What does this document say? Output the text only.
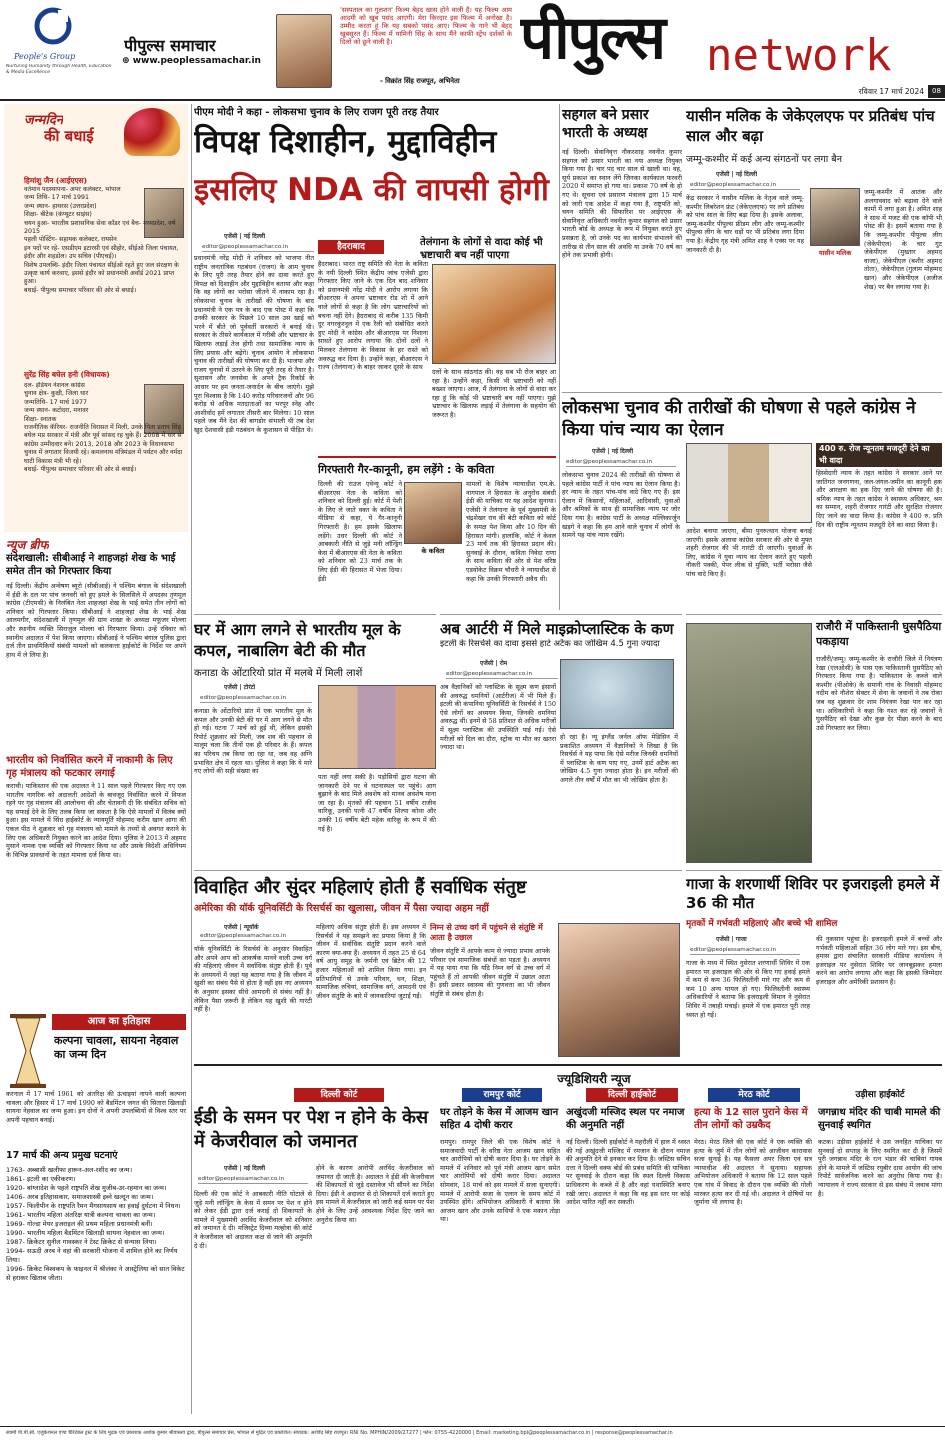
People's Group
Nurturing Humanity through Health, Education & Media Excellence
पीपुल्स समाचार
⊕ www.peoplessamachar.in
'सस्पताल का गुलशन' फिल्म बेहद खास होने वाली है। यह फिल्म आम आदमी को खूब पसंद आएगी। मेरा किरदार इस फिल्म में अनोखा है। उम्मीद करता हूं कि यह सबको पसंद आए। फिल्म के गाने भी बेहद खूबसूरत हैं। फिल्म में यामिनी सिंह के साथ मैंने काफी स्ट्रेंथ दर्शकों के दिलों को छूने वाली है।
- विक्रांत सिंह राजपूत, अभिनेता
पीपुल्स network
रविवार 17 मार्च 2024	08
जन्मदिन
की बधाई
हिमांशु जैन (आईएएस)
वर्तमान पदस्थापना- अपर कलेक्टर, भोपाल
जन्म तिथि- 17 मार्च 1991
जन्म स्थान- हाथरस (उत्तरप्रदेश)
शिक्षा- बीटेक (कंप्यूटर साइंस)
चयन हुआ- भारतीय प्रशासनिक सेवा कॉडर एवं बैच- मध्यप्रदेश, वर्ष 2015
पहली पोस्टिंग- सहायक कलेक्टर, रायसेन
इन पदों पर रहे- एसडीएम इटारसी एवं सीहोर, सीईओ जिला पंचायत, इंदौर और शहडोल। उप सचिव (पीएचई)।
विशेष उपलब्धि- इंदौर जिला पंचायत सीईओ रहते हुए जल संरक्षण के उत्कृष्ट कार्य करवाए, इससे इंदौर को प्रधानमंत्री अवॉर्ड 2021 प्राप्त हुआ।
बधाई- पीपुल्स समाचार परिवार की ओर से बधाई।
सुरेंद्र सिंह बघेल हनी (विधायक)
दल- इंडियन नेशनल कांग्रेस
चुनाव क्षेत्र- कुक्षी, जिला धार
जन्मतिथि- 17 मार्च 1977
जन्म स्थान- कटोदरा, मनावर
शिक्षा- स्नातक
राजनीतिक कॅरियर- राजनीति विरासत में मिली, उनके पिता प्रताप सिंह बघेल मप्र सरकार में मंत्री और पूर्व सांसद रह चुके हैं। 2008 में धार से कांग्रेस उम्मीदवार बने। 2013, 2018 और 2023 के विधानसभा चुनाव में लगातार विजयी रहे। कमलनाथ मंत्रिमंडल में पर्यटन और नर्मदा घाटी विकास मंत्री भी रहे।
बधाई- पीपुल्स समाचार परिवार की ओर से बधाई।
न्यूज ब्रीफ
संदेशखाली: सीबीआई ने शाहजहां शेख के भाई समेत तीन को गिरफ्तार किया
नई दिल्ली। केंद्रीय अन्वेषण ब्यूरो (सीबीआई) ने पश्चिम बंगाल के संदेशखाली में ईडी के दल पर पांच जनवरी को हुए हमले के सिलसिले में अपदस्थ तृणमूल कांग्रेस (टीएमसी) के निलंबित नेता शाहजहां शेख के भाई समेत तीन लोगों को शनिवार को गिरफ्तार किया। सीबीआई ने शाहजहां शेख के भाई शेख आलमगीर, संदेशखाली में तृणमूल की ग्राम शाखा के अध्यक्ष मफूजर मोल्ला और स्थानीय व्यक्ति सिराजुल मोल्ला को गिरफ्तार किया। उन्हें रविवार को स्थानीय अदालत में पेश किया जाएगा। सीबीआई ने पश्चिम बंगाल पुलिस द्वारा दर्ज तीन प्राथमिकियों संबंधी मामलों को कलकत्ता हाईकोर्ट के निर्देश पर अपने हाथ में ले लिया है।
भारतीय को निर्वासित करने में नाकामी के लिए गृह मंत्रालय को फटकार लगाई
कराची। पाकिस्तान की एक अदालत ने 11 साल पहले गिरफ्तार किए गए एक भारतीय नागरिक को अदालती आदेशों के बावजूद निर्वासित करने में विफल रहने पर गृह मंत्रालय की आलोचना की और चेतावनी दी कि संबंधित सचिव को यह सफाई देने के लिए तलब किया जा सकता है कि ऐसे मामलों में विलंब क्यों हुआ। इस मामले में सिंध हाईकोर्ट के न्यायमूर्ति मोहम्मद करीम खान आगा की एकल पीठ ने शुक्रवार को गृह मंत्रालय को मामले के तथ्यों से अवगत कराने के लिए एक अधिकारी नियुक्त करने का आदेश दिया। पुलिस ने 2013 में अहमद मुसाने नामक एक व्यक्ति को गिरफ्तार किया था और उसके विदेशी अधिनियम के विभिन्न प्रावधानों के तहत मामला दर्ज किया था।
आज का इतिहास
कल्पना चावला, सायना नेहवाल का जन्म दिन
करनाल में 17 मार्च 1961 को अंतरिक्ष की ऊंचाइयां नापने वाली कल्पना चावला और हिसार में 17 मार्च 1990 को बैडमिंटन जगत की सितारा खिलाड़ी सायना नेहवाल का जन्म हुआ। इन दोनों ने अपनी उपलब्धियों से विश्व स्तर पर अपनी पहचान बनाई।
17 मार्च की अन्य प्रमुख घटनाएं
1763- अब्बासी खलीफा हारून-अल-रशीद का जन्म।
1861- इटली का एकीकरण।
1920- बांग्लादेश के पहले राष्ट्रपति शेख मुजीब-उर-रहमान का जन्म।
1406- अरब इतिहासकार, समाजशास्त्री इब्ने खल्दून का जन्म।
1957- फिलीपीन के राष्ट्रपति रैमन मैगसायसाय का हवाई दुर्घटना में निधन।
1961- भारतीय महिला अंतरिक्ष यात्री कल्पना चावला का जन्म।
1969- गोल्डा मेयर इजराइल की प्रथम महिला प्रधानमंत्री बनीं।
1990- भारतीय महिला बैडमिंटन खिलाड़ी सायना नेहवाल का जन्म।
1987- क्रिकेटर सुनील गावस्कर ने टेस्ट क्रिकेट से संन्यास लिया।
1994- सऊदी अरब ने वहां की सरकारी योजना में शामिल होने का निर्णय लिया।
1996- क्रिकेट विश्वकप के फाइनल में श्रीलंका ने आस्ट्रेलिया को सात विकेट से हराकर खिताब जीता।
पीएम मोदी ने कहा - लोकसभा चुनाव के लिए राजग पूरी तरह तैयार
विपक्ष दिशाहीन, मुद्दाविहीन
इसलिए NDA की वापसी होगी
एजेंसी | नई दिल्ली
editor@peoplessamachar.co.in
प्रधानमंत्री नरेंद्र मोदी ने शनिवार को भाजपा नीत राष्ट्रीय जनतांत्रिक गठबंधन (राजग) के आम चुनाव के लिए पूरी तरह तैयार होने का दावा करते हुए विपक्ष को दिशाहीन और मुद्दाविहीन बताया और कहा कि वह लोगों का भरोसा जीतने में नाकाम रहा है। लोकसभा चुनाव के तारीखों की घोषणा के बाद प्रधानमंत्री ने एक पत्र के बाद एक पोस्ट में कहा कि उनकी सरकार के पिछले 10 साल उस खाई को भरने में बीते जो पूर्ववर्ती सरकारों ने बनाई थी। सरकार के तीसरे कार्यकाल में गरीबी और भ्रष्टाचार के खिलाफ लड़ाई तेज होगी तथा सामाजिक न्याय के लिए प्रयास और बढ़ेंगे। चुनाव आयोग ने लोकसभा चुनाव की तारीखों की घोषणा कर दी है। भाजपा और राजग चुनावों में उतरने के लिए पूरी तरह से तैयार है। सुशासन और जनसेवा के अपने ट्रैक रिकॉर्ड के आधार पर हम जनता-जनार्दन के बीच जाएंगे। मुझे पूरा विश्वास है कि 140 करोड़ परिवारजनों और 96 करोड़ से अधिक मतदाताओं का भरपूर स्नेह और आशीर्वाद हमें लगातार तीसरी बार मिलेगा। 10 साल पहले जब मैंने देश की बागडोर संभाली थी तब देश खुद देशवासी इंडी गठबंधन के कुशासन से पीड़ित थे।
हैदराबाद	तेलंगाना के लोगों से वादा कोई भी भ्रष्टाचारी बच नहीं पाएगा
हैदराबाद। भारत राष्ट्र समिति की नेता के कविता के नयी दिल्ली स्थित केंद्रीय जांच एजेंसी द्वारा गिरफ्तार किए जाने के एक दिन बाद शनिवार को प्रधानमंत्री नरेंद्र मोदी ने आरोप लगाया कि बीआरएस ने अपना भ्रष्टाचार रोड शो में आने वाले लोगों से कहा है कि लोग भ्रष्टाचारियों को बचना नहीं देंगे। हैदराबाद से करीब 135 किमी दूर नगरकुरनूल में एक रैली को संबोधित करते हुए मोदी ने कांग्रेस और बीआरएस पर निशाना साधते हुए आरोप लगाया कि दोनों दलों ने मिलकर तेलंगाना के विकास के हर रास्ते को अवरुद्ध कर दिया है। उन्होंने कहा, बीआरएस ने राज्य (तेलंगाना) के बाहर जाकर दूसरे के साथ
दलों के साथ सांठगांठ की। वह सब भी रोज बाहर आ रहा है। उन्होंने कहा, किसी भी भ्रष्टाचारी को नहीं बख्शा जाएगा। आज, मैं तेलंगाना के लोगों से वादा कर रहा हूं कि कोई भी भ्रष्टाचारी बच नहीं पाएगा। मुझे भ्रष्टाचार के खिलाफ लड़ाई में तेलंगाना के सहयोग की जरूरत है।
गिरफ्तारी गैर-कानूनी, हम लड़ेंगे : के कविता
दिल्ली की राउज एवेन्यू कोर्ट ने बीआरएस नेता के कविता को शनिवार को दिल्ली हुई। कोर्ट में पेशी के लिए ले जाते वक्त के कविता ने मीडिया से कहा, ये गैर-कानूनी गिरफ्तारी है। हम इसके खिलाफ लड़ेंगे। उधर दिल्ली की कोर्ट ने आबकारी नीति से जुड़े मनी लॉन्ड्रिंग केस में बीआरएस की नेता के कविता को शनिवार को 23 मार्च तक के लिए ईडी की हिरासत में भेजा दिया। ईडी
के कविता
मामलों के विशेष न्यायाधीश एम.के. नागपाल ने हिरासत के अनुरोध संबंधी ईडी की याचिका पर यह आदेश सुनाया। एजेंसी ने तेलंगाना के पूर्व मुख्यमंत्री के चंद्रशेखर राव की बेटी कविता को कोर्ट के समक्ष पेश किया और 10 दिन की हिरासत मांगी। हालांकि, कोर्ट ने केवल 23 मार्च तक की हिरासत प्रदान की। सुनवाई के दौरान, कविता निवेदा राणा के साथ कविता की ओर से पेश वरिष्ठ एडवोकेट विक्रम चौधरी ने न्यायाधीश से कहा कि उनकी गिरफ्तारी अवैध थी।
घर में आग लगने से भारतीय मूल के कपल, नाबालिग बेटी की मौत
कनाडा के ओंटारियो प्रांत में मलबे में मिली लाशें
एजेंसी | टोरंटो
editor@peoplessamachar.co.in
कनाडा के ओंटारियो प्रांत में एक भारतीय मूल के कपल और उनकी बेटी की घर में आग लगने से मौत हो गई। घटना 7 मार्च को हुई थी, लेकिन इसकी रिपोर्ट शुक्रवार को मिली, जब शव की पहचान से मालूम चला कि तीनों एक ही परिवार के हैं। कपल का परिचय तब किया जा रहा था, जब वह अग्नि प्रभावित क्षेत्र में रहता था। पुलिस ने कहा कि ये मारे गए लोगों की सही संख्या का
पता नहीं लगा सकी है। पड़ोसियों द्वारा घटना की जानकारी देने पर वे घटनास्थल पर पहुंचे। आग बुझाने के बाद मिले अवशेष को मानव अवशेष माना जा रहा है। मृतकों की पहचान 51 वर्षीय राजीव वारिकू, उनकी पत्नी 47 वर्षीय शिल्पा कोथा और उनकी 16 वर्षीय बेटी महेक वारिकू के रूप में की गई है।
अब आर्टरी में मिले माइक्रोप्लास्टिक के कण
इटली के रिसर्चर्स का दावा इससे हार्ट अटैक का जोखिम 4.5 गुना ज्यादा
एजेंसी | रोम
editor@peoplessamachar.co.in
अब वैज्ञानिकों को प्लास्टिक के सूक्ष्म कण इंसानों की अवरुद्ध धमनियों (आर्टरीज) में भी मिले हैं। इटली की कंपानिया यूनिवर्सिटी के रिसर्चर्स ने 150 ऐसे लोगों का अध्ययन किया, जिनकी धमनियां अवरुद्ध थीं। इनमें से 58 प्रतिशत से अधिक मरीजों में सूक्ष्म प्लास्टिक की उपस्थिति पाई गई। ऐसे मरीजों को दिल का दौरा, स्ट्रोक या मौत का खतरा ज्यादा था।
हो रहा है। न्यू इंग्लैंड जर्नल ऑफ मेडिसिन में प्रकाशित अध्ययन में वैज्ञानिकों ने लिखा है कि रिसर्चर्स ने यह पाया कि ऐसे मरीज जिनकी धमनियों में प्लास्टिक के कण पाए गए, उनमें हार्ट अटैक का जोखिम 4.5 गुना ज्यादा होता है। इन मरीजों की अगले तीन वर्षों में मौत का भी जोखिम होता है।
विवाहित और सुंदर महिलाएं होती हैं सर्वाधिक संतुष्ट
अमेरिका की यॉर्क यूनिवर्सिटी के रिसर्चर्स का खुलासा, जीवन में पैसा ज्यादा अहम नहीं
एजेंसी | न्यूयॉर्क
editor@peoplessamachar.co.in
यॉर्क यूनिवर्सिटी के रिसर्चर्स के अनुसार विवाहित और अपने आप को आकर्षक मानने वाली उच्च वर्ग की महिलाएं जीवन में सर्वाधिक संतुष्ट होती हैं। पूर्व के अध्ययनों में जहां यह बताया गया है कि जीवन में खुशी का संबंध पैसे से होता है वहीं इस नए अध्ययन के अनुसार इसका सीधे आमदनी से संबंध नहीं है। लेकिन पैसा जरूरी है लेकिन यह खुशी की गारंटी नहीं है।
महिलाएं अधिक संतुष्ट होती हैं। इस अध्ययन में रिसर्चर्स ने यह समझने का प्रयास किया है कि जीवन में सर्वाधिक संतुष्टि प्रदान करने वाले कारण क्या-क्या हैं। अध्ययन में तहत 25 से 64 वर्ष आयु समूह के जर्मनी एवं ब्रिटेन की 12 हजार महिलाओं को शामिल किया गया। इन प्रतिभागियों से उनके परिवार, धन, शिक्षा, सामाजिक रुचियां, सामाजिक वर्ग, आमदनी एवं जीवन संतुष्टि के बारे में जानकारियां जुटाई गईं।
निम्न से उच्च वर्ग में पहुंचने से संतुष्टि में आता है उछाल
जीवन संतुष्टि में आपके काम से ज्यादा प्रभाव आपके परिवार एवं सामाजिक संबंधों का पड़ता है। अध्ययन में यह पाया गया कि यदि निम्न वर्ग से उच्च वर्ग में पहुंचते हैं तो आपकी जीवन संतुष्टि में उछाल आता है। इसी प्रकार स्वास्थ्य की गुणवत्ता का भी जीवन संतुष्टि से संबंध होता है।
सहगल बने प्रसार भारती के अध्यक्ष
नई दिल्ली। सेवानिवृत्त नौकरशाह नवनीत कुमार सहगल को प्रसार भारती का नया अध्यक्ष नियुक्त किया गया है। चार पद चार साल से खाली था। वह, सूर्य प्रकाश का स्थान लेंगे जिनका कार्यकाल फरवरी 2020 में समाप्त हो गया था। प्रकाश 70 वर्ष के हो गए थे। सूचना एवं प्रसारण मंत्रालय द्वारा 15 मार्च को जारी एक आदेश में कहा गया है, राष्ट्रपति को, चयन समिति की सिफारिश पर आईएएस के सेवानिवृत्त अधिकारी नवनीत कुमार सहगल को प्रसार भारती बोर्ड के अध्यक्ष के रूप में नियुक्त करते हुए प्रसन्नता है, जो उनके पद का कार्यभार संभालने की तारीख से तीन साल की अवधि या उनके 70 वर्ष का होने तक प्रभावी होगी।
यासीन मलिक के जेकेएलएफ पर प्रतिबंध पांच साल और बढ़ा
जम्मू-कश्मीर में कई अन्य संगठनों पर लगा बैन
एजेंसी | नई दिल्ली
editor@peoplessamachar.co.in
केंद्र सरकार ने यासीन मलिक के नेतृत्व वाले जम्मू-कश्मीर लिबरेशन फ्रंट (जेकेएलएफ) पर लगे प्रतिबंध को पांच साल के लिए बढ़ा दिया है। इसके अलावा, जम्मू-कश्मीर पीपुल्स फ्रीडम लीग और जम्मू-कश्मीर पीपुल्स लीग के चार धड़ों पर भी प्रतिबंध लगा दिया गया है। केंद्रीय गृह मंत्री अमित शाह ने एक्स पर यह जानकारी दी है।	यासीन मलिक
जम्मू-कश्मीर में आतंक और अलगाववाद को बढ़ावा देने वाले कामों में लगा हुआ है। अमित शाह ने साथ में मजट की एक कॉपी भी पोस्ट की है। इसमें बताया गया है कि जम्मू-कश्मीर पीपुल्स लीग (जेकेपीएल) के चार गुट जेकेपीएल (मुख्तार अहमद वाजा), जेकेपीएल (बशीर अहमद तोता), जेकेपीएल (गुलाम मोहम्मद खान) और जेकेपीएल (अजीज शेख) पर बैन लगाया गया है।
लोकसभा चुनाव की तारीखों की घोषणा से पहले कांग्रेस ने किया पांच न्याय का ऐलान
एजेंसी | नई दिल्ली
editor@peoplessamachar.co.in
लोकसभा चुनाव 2024 की तारीखों की घोषणा से पहले कांग्रेस पार्टी ने पांच न्याय का ऐलान किया है। हर न्याय के तहत पांच-पांच वादे किए गए हैं। इस ऐलान में किसानों, महिलाओं, आदिवासी, युवाओं और श्रमिकों के साथ ही सामाजिक न्याय पर जोर दिया गया है। कांग्रेस पार्टी के अध्यक्ष मल्लिकार्जुन खड़गे ने कहा कि हम आने वाले चुनाव में लोगों के सामने यह पांच न्याय रखेंगे।
आदेश बनाया जाएगा, बीमा पुनरुत्थान योजना बनाई जाएगी। इसके अलावा कांग्रेस सरकार की ओर से मुफ्त शहरी रोजगार की भी गारंटी दी जाएगी। युवाओं के लिए, कांग्रेस ने युवा न्याय का ऐलान करते हुए पहली नौकरी पक्की, पेपर लीक से मुक्ति, भर्ती भरोसा जैसे पांच वादे किए हैं।
400 रु. रोज न्यूनतम मजदूरी देने का भी वादा
हिस्सेदारी न्याय के तहत कांग्रेस ने सरकार आने पर जातिगत जनगणना, जल-जंगल-जमीन का कानूनी हक और आरक्षण का हक दिए जाने की घोषणा की है। श्रमिक न्याय के तहत कांग्रेस ने स्वास्थ्य अधिकार, श्रम का सम्मान, शहरी रोजगार गारंटी और सुरक्षित रोजगार दिए जाने का वादा किया है। कांग्रेस ने 400 रु. प्रति दिन की राष्ट्रीय न्यूनतम मजदूरी देने का वादा किया है।
राजौरी में पाकिस्तानी घुसपैठिया पकड़ाया
राजौरी/जम्मू। जम्मू-कश्मीर के राजौरी जिले में नियंत्रण रेखा (एलओसी) के पास एक पाकिस्तानी घुसपैठिए को गिरफ्तार किया गया है। पाकिस्तान के कब्जे वाले कश्मीर (पीओके) के समानी गांव के निवासी मोहम्मद नदीम को नौशेरा सेक्टर में सेना के जवानों ने तब रोका जब वह शुक्रवार देर शाम नियंत्रण रेखा पार कर रहा था। अधिकारियों ने कहा कि गश्त कर रहे जवानों ने घुसपैठिए को देखा और कुछ देर पीछा करने के बाद उसे गिरफ्तार कर लिया।
गाजा के शरणार्थी शिविर पर इजराइली हमले में 36 की मौत
मृतकों में गर्भवती महिलाएं और बच्चे भी शामिल
एजेंसी | गाजा
editor@peoplessamachar.co.in
गाजा के मध्य में स्थित नुसेरात शरणार्थी शिविर में एक इमारत पर इजराइल की ओर से किए गए हवाई हमले में कम से कम 36 फिलिस्तीनी मारे गए और कम से कम 10 अन्य घायल हो गए। फिलिस्तीनी स्वास्थ्य अधिकारियों ने बताया कि इजराइली विमान ने नुसेरात शिविर में तबाही मचाई। हमले में एक इमारत पूरी तरह ध्वस्त हो गई।
की नुकसान पहुंचा है। इजराइली हमले में बच्चों और गर्भवती महिलाओं सहित 36 लोग मारे गए। इस बीच, हमास द्वारा संचालित सरकारी मीडिया कार्यालय ने इजराइल पर नुसेरात शिविर पर जानबूझकर हमला करने का आरोप लगाया और कहा कि इसकी जिम्मेदार इजराइल और अमेरिकी प्रशासन है।
ज्यूडिशियरी न्यूज
दिल्ली कोर्ट
ईडी के समन पर पेश न होने के केस में केजरीवाल को जमानत
एजेंसी | नई दिल्ली
editor@peoplessamachar.co.in
दिल्ली की एक कोर्ट ने आबकारी नीति घोटाले से जुड़े मनी लॉन्ड्रिंग के केस में समन पर पेश न होने को लेकर ईडी द्वारा दर्ज कराई दो शिकायतों के मामले में मुख्यमंत्री अरविंद केजरीवाल को शनिवार को जमानत दे दी। मजिस्ट्रेट दिव्या मल्होत्रा की कोर्ट ने केजरीवाल को अदालत कक्ष से जाने की अनुमति दे दी।
होने के कारण आरोपी अरविंद केजरीवाल को जमानत दी जाती है। अदालत ने ईडी की केजरीवाल की शिकायतों से जुड़े दस्तावेज भी सौंपने का निर्देश दिया। ईडी ने अदालत से दो शिकायतें दर्ज कराते हुए इस मामले में केजरीवाल को जारी कई समन पर पेश होने के लिए उन्हें आवश्यक निर्देश दिए जाने का अनुरोध किया था।
रामपुर कोर्ट
घर तोड़ने के केस में आजम खान सहित 4 दोषी करार
रामपुर। रामपुर जिले की एक विशेष कोर्ट ने समाजवादी पार्टी के वरिष्ठ नेता आजम खान सहित चार आरोपियों को दोषी करार दिया है। घर तोड़ने के मामले में शनिवार को पूर्व मंत्री आजम खान समेत चार आरोपियों को दोषी करार दिया। अदालत सोमवार, 18 मार्च को इस मामले में सजा सुनाएगी। मामले में आरोपी सजा के एलान के समय कोर्ट में उपस्थित होंगे। अभियोजन अधिकारी ने बताया कि आजम खान और उनके साथियों ने एक मकान तोड़ा था।
दिल्ली हाईकोर्ट
अखुंदजी मस्जिद स्थल पर नमाज की अनुमति नहीं
नई दिल्ली। दिल्ली हाईकोर्ट ने महरौली में हाल में ध्वस्त की गई अखुंदजी मस्जिद में रमजान के दौरान नमाज की अनुमति देने से इनकार कर दिया है। जस्टिस सचिन दत्ता ने दिल्ली वक्फ बोर्ड की प्रबंध समिति की याचिका पर सुनवाई के दौरान कहा कि स्थल दिल्ली विकास प्राधिकरण के कब्जे में है और वहां यथास्थिति बनाए रखी जाए। अदालत ने कहा कि वह इस स्तर पर कोई आदेश पारित नहीं कर सकती।
मेरठ कोर्ट
हत्या के 12 साल पुराने केस में तीन लोगों को उम्रकैद
मेरठ। मेरठ जिले की एक कोर्ट ने एक व्यक्ति की हत्या के जुर्म में तीन लोगों को आजीवन कारावास सजा सुनाई है। यह फैसला अपर जिला एवं सत्र न्यायाधीश की अदालत ने सुनाया। सहायक अभियोजन अधिकारी ने बताया कि 12 साल पहले एक गांव में विवाद के दौरान एक व्यक्ति की गोली मारकर हत्या कर दी गई थी। अदालत ने दोषियों पर जुर्माना भी लगाया है।
उड़ीसा हाईकोर्ट
जगन्नाथ मंदिर की चाबी मामले की सुनवाई स्थगित
कटक। उड़ीसा हाईकोर्ट ने उस जनहित याचिका पर सुनवाई दो सप्ताह के लिए स्थगित कर दी है जिसमें पुरी जगन्नाथ मंदिर के रत्न भंडार की चाबियां गायब होने के मामले में जस्टिस रघुबीर दास आयोग की जांच रिपोर्ट सार्वजनिक करने का अनुरोध किया गया है। न्यायालय ने राज्य सरकार से इस संबंध में जवाब मांगा है।
स्वामी पी.पी.सी. एजुकेशनल एण्ड चैरिटेबल ट्रस्ट के लिए मुद्रक एवं प्रकाशक अशोक कुमार श्रीवास्तव द्वारा, पीपुल्स समाचार प्रेस, भोपाल से मुद्रित एवं प्रकाशित। संपादक: अरविंद सिंह राजपूत। RNI No. MPHIN/2009/27277 | फोन: 0755-4220000 | Email: marketing.bpl@peoplessamachar.co.in | response@peoplessamachar.in
